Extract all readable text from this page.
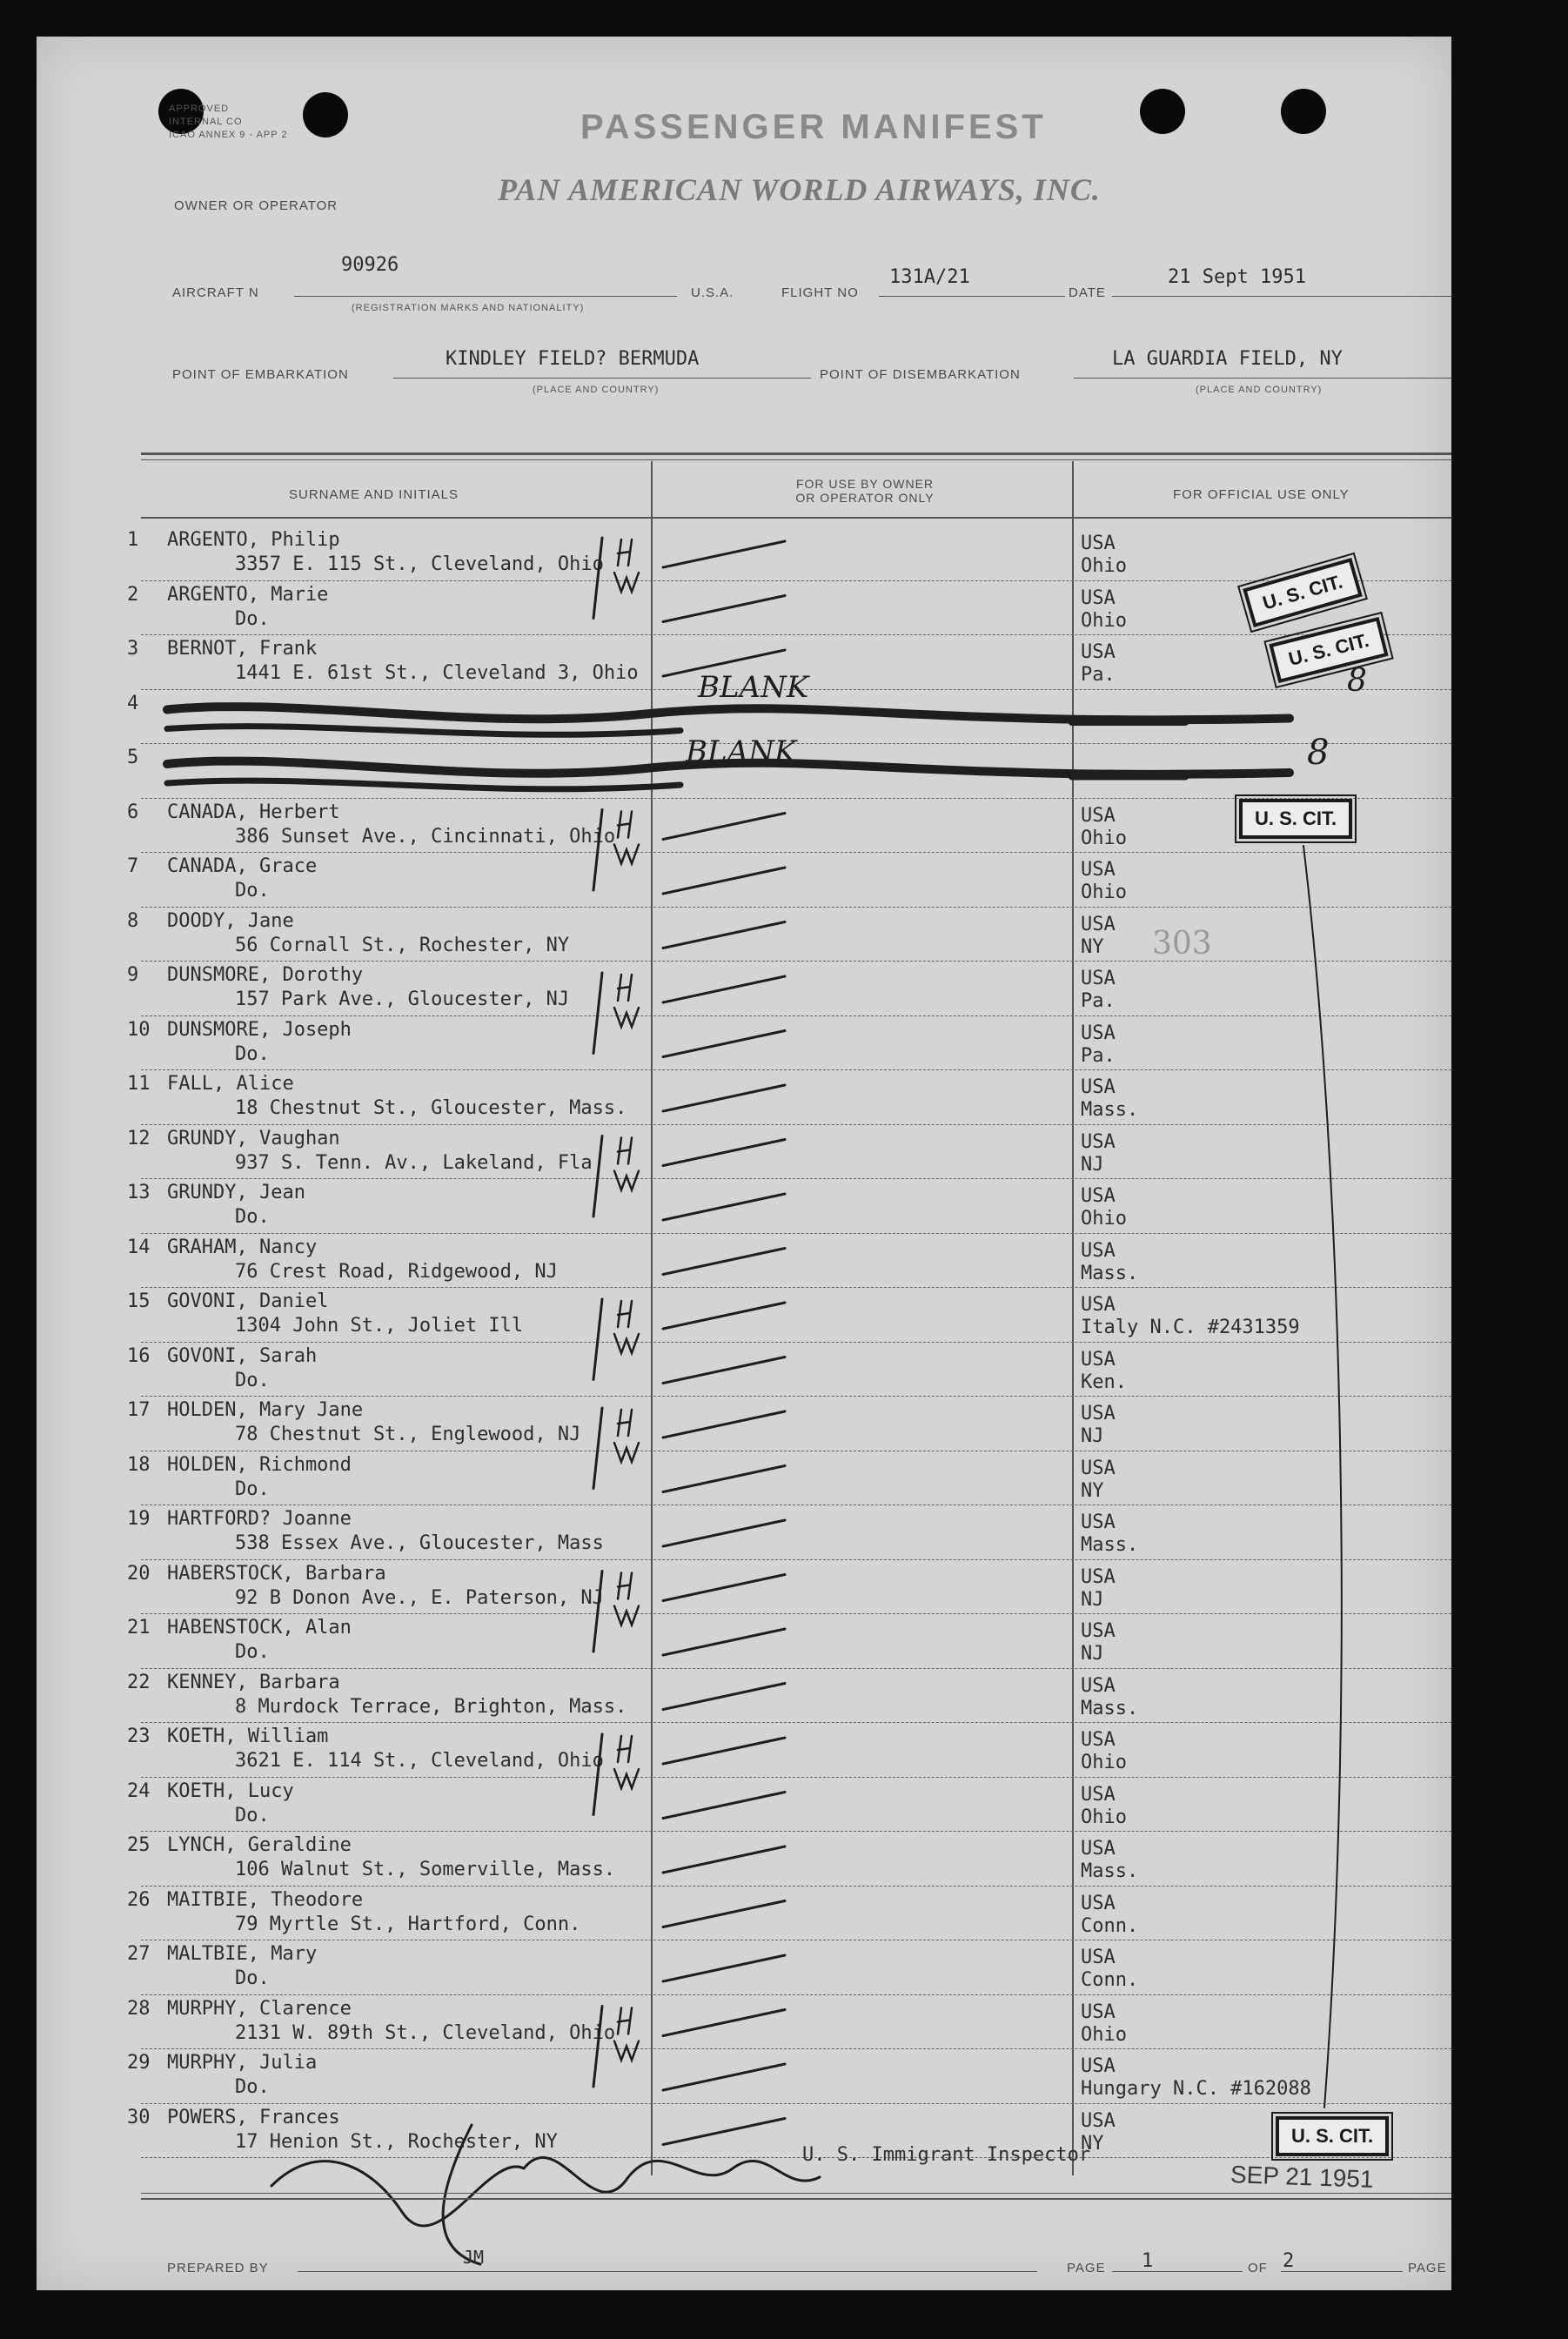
APPROVED
INTERNAL CO
ICAO ANNEX 9 - APP 2	PASSENGER MANIFEST
OWNER OR OPERATOR	PAN AMERICAN WORLD AIRWAYS, INC.
AIRCRAFT N
90926
(REGISTRATION MARKS AND NATIONALITY)
U.S.A.	FLIGHT NO
131A/21
DATE
21 Sept 1951
POINT OF EMBARKATION
KINDLEY FIELD? BERMUDA
(PLACE AND COUNTRY)
POINT OF DISEMBARKATION
LA GUARDIA FIELD, NY
(PLACE AND COUNTRY)
SURNAME AND INITIALS
FOR USE BY OWNER
OR OPERATOR ONLY	FOR OFFICIAL USE ONLY
1 ARGENTO, Philip
3357 E. 115 St., Cleveland, Ohio
USA
Ohio
2 ARGENTO, Marie
Do.
USA
Ohio
3 BERNOT, Frank
1441 E. 61st St., Cleveland 3, Ohio
USA
Pa.
4
5
6 CANADA, Herbert
386 Sunset Ave., Cincinnati, Ohio
USA
Ohio
7 CANADA, Grace
Do.
USA
Ohio
8 DOODY, Jane
56 Cornall St., Rochester, NY
USA
NY
9 DUNSMORE, Dorothy
157 Park Ave., Gloucester, NJ
USA
Pa.
10 DUNSMORE, Joseph
Do.
USA
Pa.
11 FALL, Alice
18 Chestnut St., Gloucester, Mass.
USA
Mass.
12 GRUNDY, Vaughan
937 S. Tenn. Av., Lakeland, Fla
USA
NJ
13 GRUNDY, Jean
Do.
USA
Ohio
14 GRAHAM, Nancy
76 Crest Road, Ridgewood, NJ
USA
Mass.
15 GOVONI, Daniel
1304 John St., Joliet Ill
USA
Italy N.C. #2431359
16 GOVONI, Sarah
Do.
USA
Ken.
17 HOLDEN, Mary Jane
78 Chestnut St., Englewood, NJ
USA
NJ
18 HOLDEN, Richmond
Do.
USA
NY
19 HARTFORD? Joanne
538 Essex Ave., Gloucester, Mass
USA
Mass.
20 HABERSTOCK, Barbara
92 B Donon Ave., E. Paterson, NJ
USA
NJ
21 HABENSTOCK, Alan
Do.
USA
NJ
22 KENNEY, Barbara
8 Murdock Terrace, Brighton, Mass.
USA
Mass.
23 KOETH, William
3621 E. 114 St., Cleveland, Ohio
USA
Ohio
24 KOETH, Lucy
Do.
USA
Ohio
25 LYNCH, Geraldine
106 Walnut St., Somerville, Mass.
USA
Mass.
26 MAITBIE, Theodore
79 Myrtle St., Hartford, Conn.
USA
Conn.
27 MALTBIE, Mary
Do.
USA
Conn.
28 MURPHY, Clarence
2131 W. 89th St., Cleveland, Ohio
USA
Ohio
29 MURPHY, Julia
Do.
USA
Hungary N.C. #162088
30 POWERS, Frances
17 Henion St., Rochester, NY
USA
NY
BLANK
BLANK
8
8
U. S. CIT.
U. S. CIT.
U. S. CIT.
U. S. CIT.
303
U. S. Immigrant Inspector
SEP 21 1951
PREPARED BY
JM
PAGE 1	OF 2	PAGE
